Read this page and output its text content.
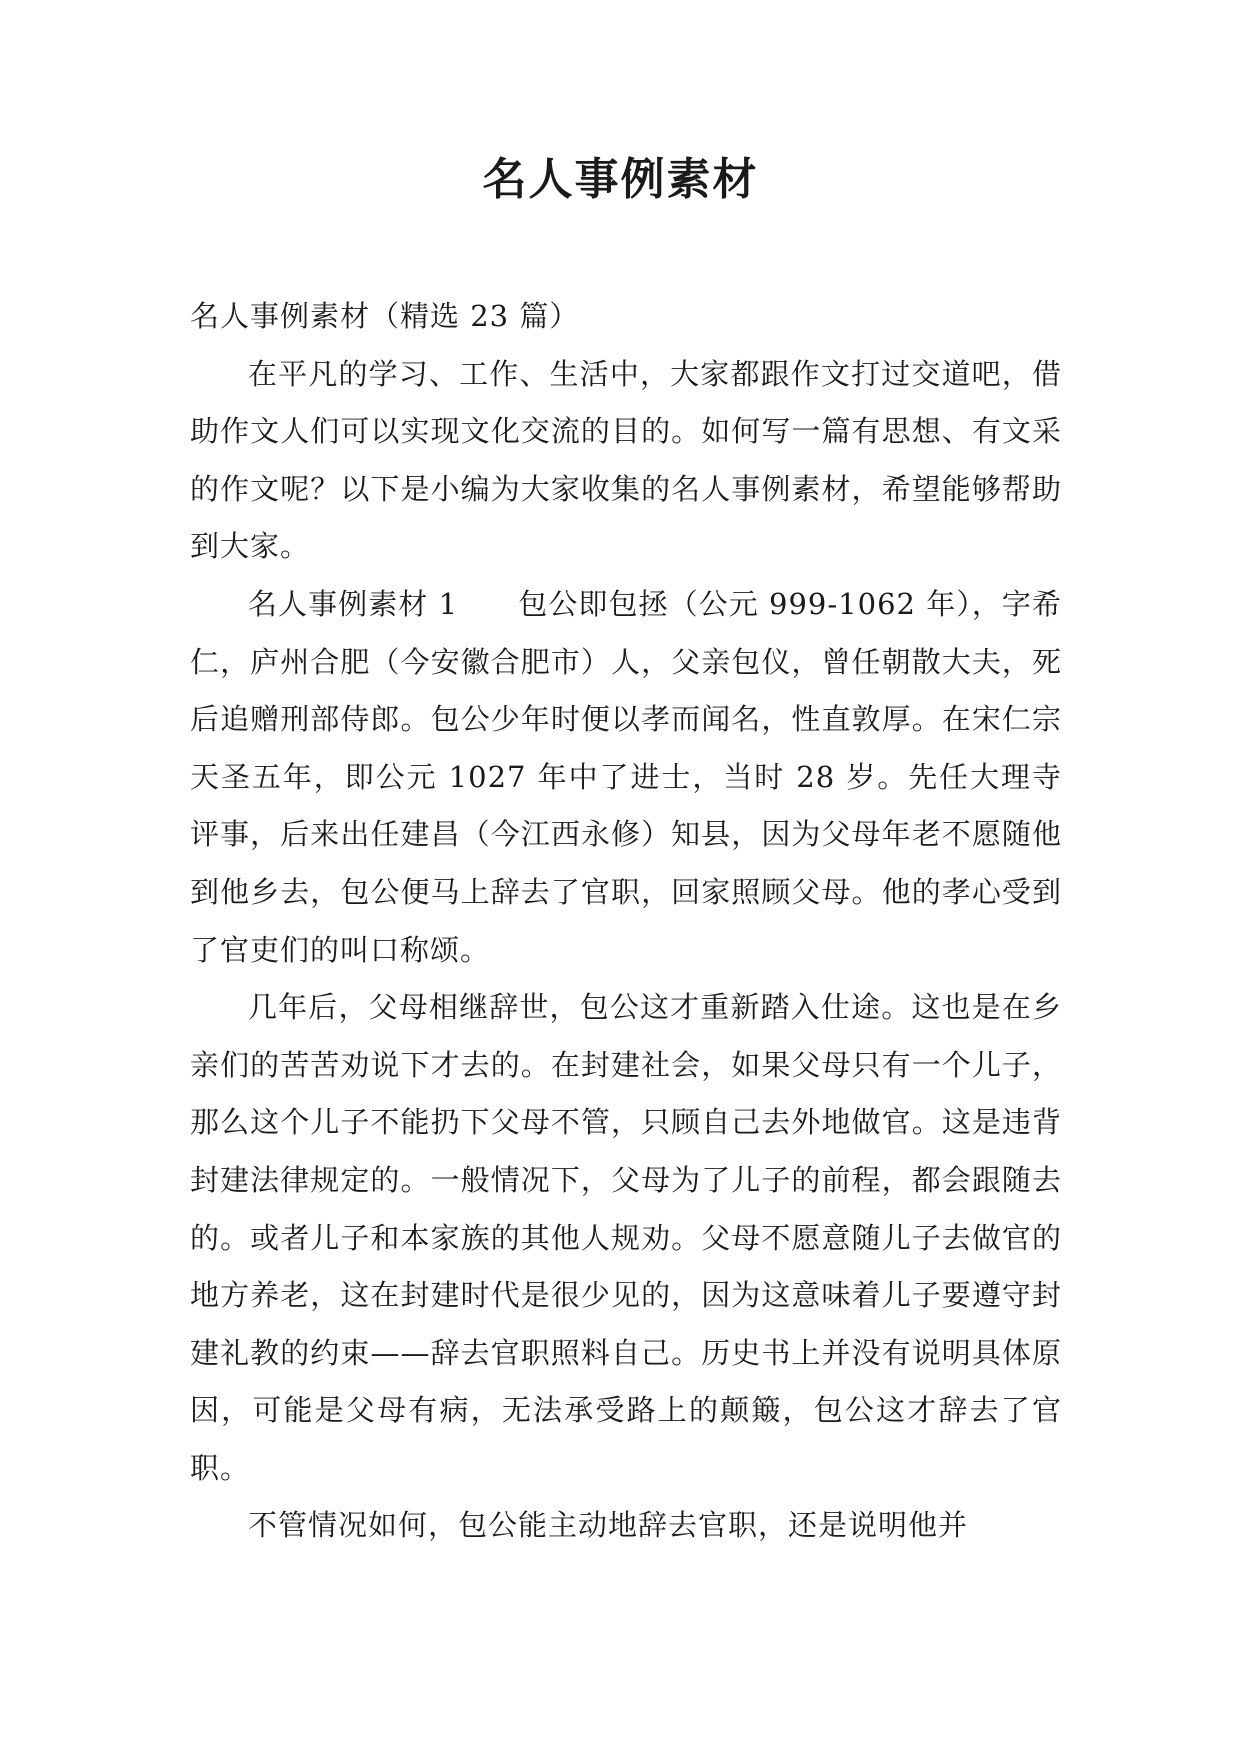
名人事例素材

名人事例素材（精选 23 篇）

在平凡的学习、工作、生活中，大家都跟作文打过交道吧，借助作文人们可以实现文化交流的目的。如何写一篇有思想、有文采的作文呢？以下是小编为大家收集的名人事例素材，希望能够帮助到大家。

名人事例素材 1　　包公即包拯（公元 999-1062 年），字希仁，庐州合肥（今安徽合肥市）人，父亲包仪，曾任朝散大夫，死后追赠刑部侍郎。包公少年时便以孝而闻名，性直敦厚。在宋仁宗天圣五年，即公元 1027 年中了进士，当时 28 岁。先任大理寺评事，后来出任建昌（今江西永修）知县，因为父母年老不愿随他到他乡去，包公便马上辞去了官职，回家照顾父母。他的孝心受到了官吏们的叫口称颂。

几年后，父母相继辞世，包公这才重新踏入仕途。这也是在乡亲们的苦苦劝说下才去的。在封建社会，如果父母只有一个儿子，那么这个儿子不能扔下父母不管，只顾自己去外地做官。这是违背封建法律规定的。一般情况下，父母为了儿子的前程，都会跟随去的。或者儿子和本家族的其他人规劝。父母不愿意随儿子去做官的地方养老，这在封建时代是很少见的，因为这意味着儿子要遵守封建礼教的约束——辞去官职照料自己。历史书上并没有说明具体原因，可能是父母有病，无法承受路上的颠簸，包公这才辞去了官职。

不管情况如何，包公能主动地辞去官职，还是说明他并
